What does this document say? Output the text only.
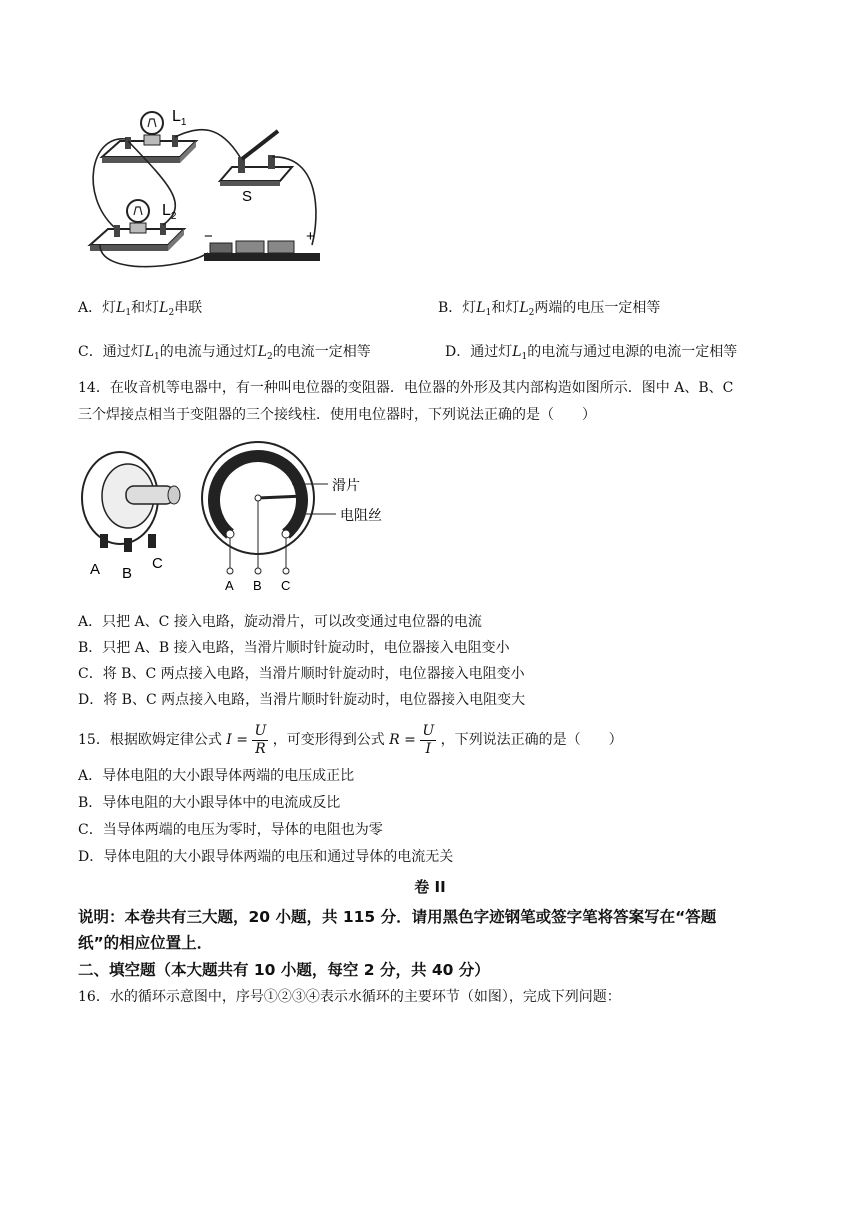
$L_1$
$L_2$
S
−	+
A．灯$L_1$和灯$L_2$串联	B．灯$L_1$和灯$L_2$两端的电压一定相等
C．通过灯$L_1$的电流与通过灯$L_2$的电流一定相等	D．通过灯$L_1$的电流与通过电源的电流一定相等
14．在收音机等电器中，有一种叫电位器的变阻器．电位器的外形及其内部构造如图所示．图中 A、B、C
三个焊接点相当于变阻器的三个接线柱．使用电位器时，下列说法正确的是（　　）
A B
C
滑片
电阻丝
A B C
A．只把 A、C 接入电路，旋动滑片，可以改变通过电位器的电流
B．只把 A、B 接入电路，当滑片顺时针旋动时，电位器接入电阻变小
C．将 B、C 两点接入电路，当滑片顺时针旋动时，电位器接入电阻变小
D．将 B、C 两点接入电路，当滑片顺时针旋动时，电位器接入电阻变大
15．根据欧姆定律公式 $I = \frac{U}{R}$ ，可变形得到公式 $R = \frac{U}{I}$ ，下列说法正确的是（　　）
A．导体电阻的大小跟导体两端的电压成正比
B．导体电阻的大小跟导体中的电流成反比
C．当导体两端的电压为零时，导体的电阻也为零
D．导体电阻的大小跟导体两端的电压和通过导体的电流无关
卷 II
说明：本卷共有三大题，20 小题，共 115 分．请用黑色字迹钢笔或签字笔将答案写在“答题
纸”的相应位置上．
二、填空题（本大题共有 10 小题，每空 2 分，共 40 分）
16．水的循环示意图中，序号①②③④表示水循环的主要环节（如图），完成下列问题：
